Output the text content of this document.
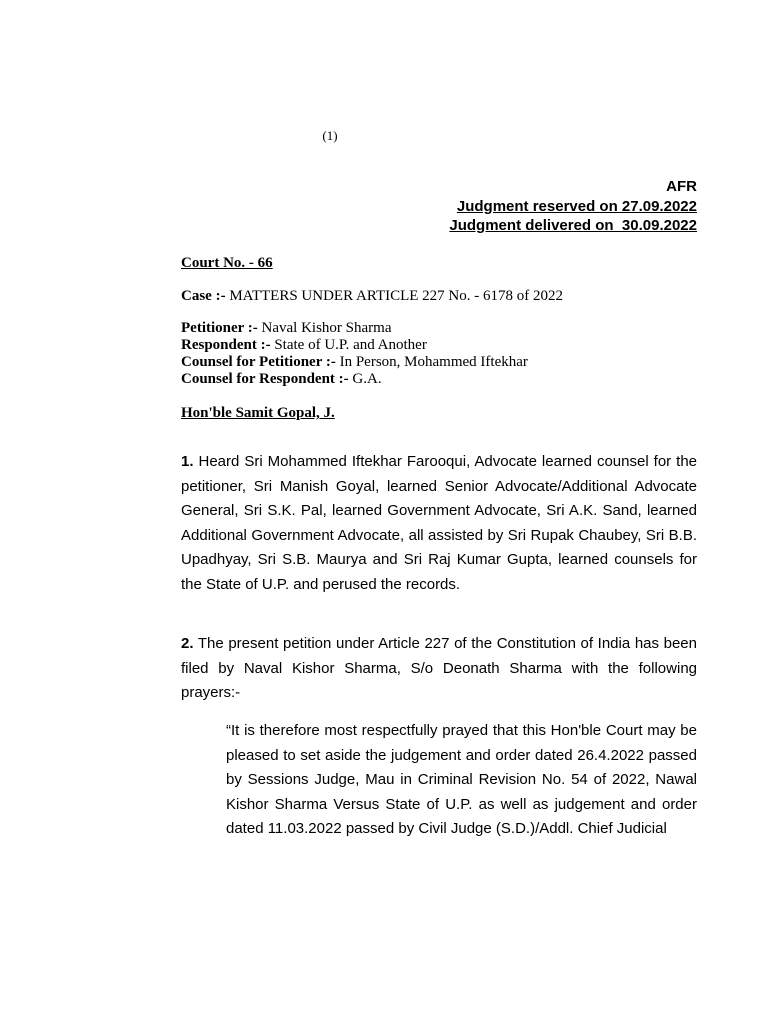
(1)
AFR
Judgment reserved on 27.09.2022
Judgment delivered on  30.09.2022
Court No. - 66
Case :- MATTERS UNDER ARTICLE 227 No. - 6178 of 2022
Petitioner :- Naval Kishor Sharma
Respondent :- State of U.P. and Another
Counsel for Petitioner :- In Person, Mohammed Iftekhar
Counsel for Respondent :- G.A.
Hon'ble Samit Gopal, J.
1. Heard Sri Mohammed Iftekhar Farooqui, Advocate learned counsel for the petitioner, Sri Manish Goyal, learned Senior Advocate/Additional Advocate General, Sri S.K. Pal, learned Government Advocate, Sri A.K. Sand, learned Additional Government Advocate, all assisted by Sri Rupak Chaubey, Sri B.B. Upadhyay, Sri S.B. Maurya and Sri Raj Kumar Gupta, learned counsels for the State of U.P. and perused the records.
2. The present petition under Article 227 of the Constitution of India has been filed by Naval Kishor Sharma, S/o Deonath Sharma with the following prayers:-
“It is therefore most respectfully prayed that this Hon'ble Court may be pleased to set aside the judgement and order dated 26.4.2022 passed by Sessions Judge, Mau in Criminal Revision No. 54 of 2022, Nawal Kishor Sharma Versus State of U.P. as well as judgement and order dated 11.03.2022 passed by Civil Judge (S.D.)/Addl. Chief Judicial
